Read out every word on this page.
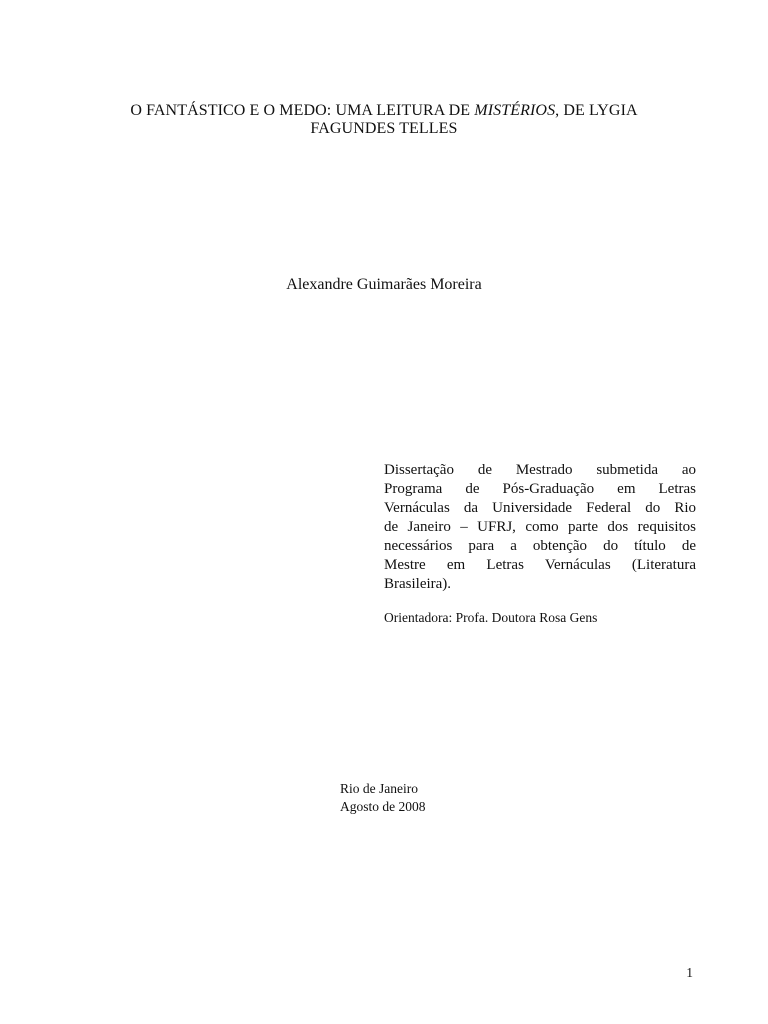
O FANTÁSTICO E O MEDO: UMA LEITURA DE MISTÉRIOS, DE LYGIA
FAGUNDES TELLES
Alexandre Guimarães Moreira
Dissertação de Mestrado submetida ao
Programa de Pós-Graduação em Letras
Vernáculas da Universidade Federal do Rio
de Janeiro – UFRJ, como parte dos requisitos
necessários para a obtenção do título de
Mestre em Letras Vernáculas (Literatura
Brasileira).
Orientadora: Profa. Doutora Rosa Gens
Rio de Janeiro
Agosto de 2008
1
